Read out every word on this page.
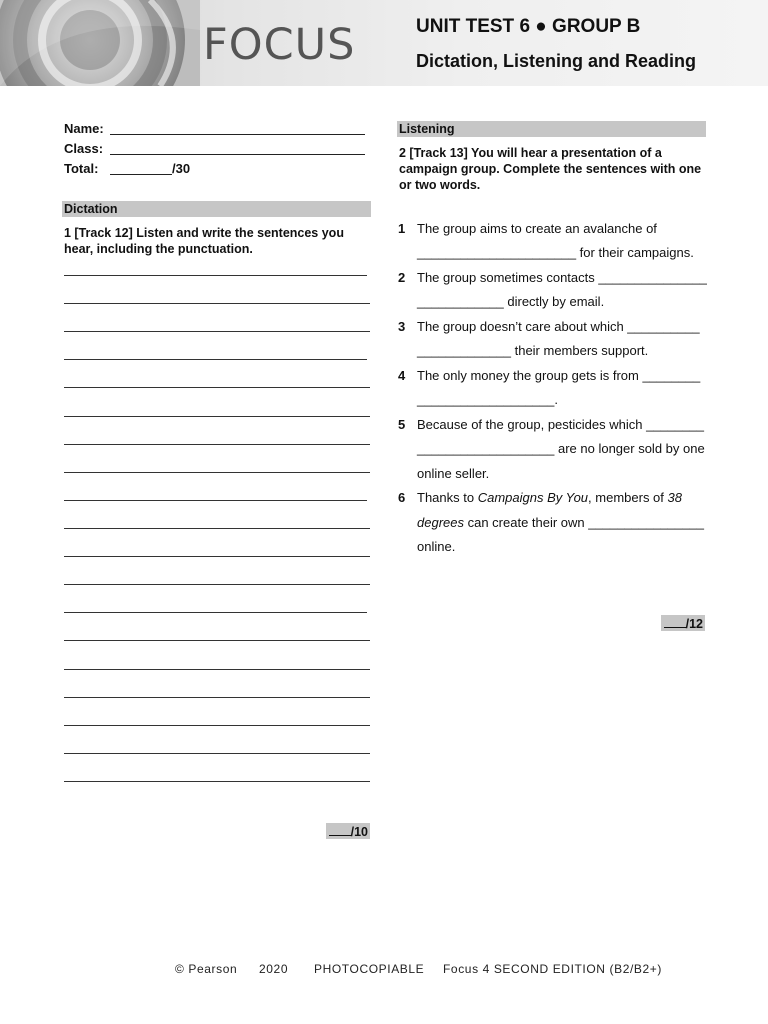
FOCUS	UNIT TEST 6 ● GROUP B
Dictation, Listening and Reading
Name:
Class:
Total:	/30
Dictation
1 [Track 12] Listen and write the sentences you
hear, including the punctuation.
/10
Listening
2 [Track 13] You will hear a presentation of a
campaign group. Complete the sentences with one
or two words.
1 The group aims to create an avalanche of
______________________ for their campaigns.
2 The group sometimes contacts _______________
____________ directly by email.
3 The group doesn’t care about which __________
_____________ their members support.
4 The only money the group gets is from ________
___________________.
5 Because of the group, pesticides which ________
___________________ are no longer sold by one
online seller.
6 Thanks to Campaigns By You, members of 38
degrees can create their own ________________
online.
/12
© Pearson 2020 PHOTOCOPIABLE Focus 4 SECOND EDITION (B2/B2+)
